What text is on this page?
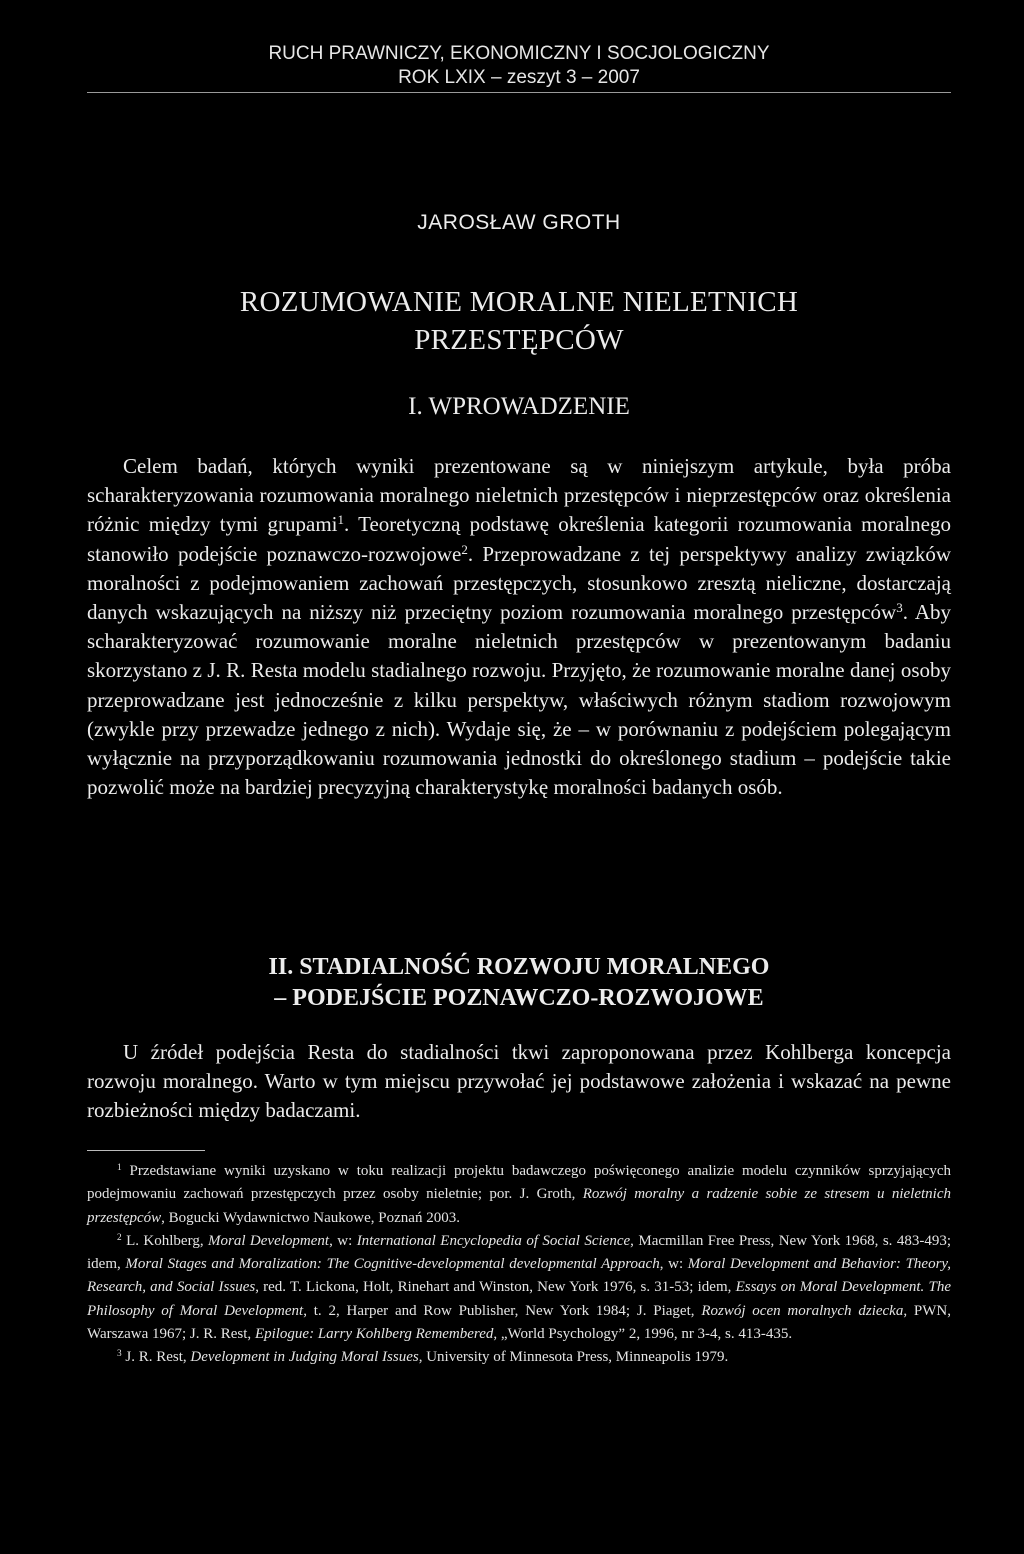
RUCH PRAWNICZY, EKONOMICZNY I SOCJOLOGICZNY
ROK LXIX – zeszyt 3 – 2007
JAROSŁAW GROTH
ROZUMOWANIE MORALNE NIELETNICH
PRZESTĘPCÓW
I. WPROWADZENIE

Celem badań, których wyniki prezentowane są w niniejszym artykule, była próba scharakteryzowania rozumowania moralnego nieletnich przestępców i nieprzestępców oraz określenia różnic między tymi grupami$^1$. Teoretyczną podstawę określenia kategorii rozumowania moralnego stanowiło podejście poznawczo-rozwojowe$^2$. Przeprowadzane z tej perspektywy analizy związków moralności z podejmowaniem zachowań przestępczych, stosunkowo zresztą nieliczne, dostarczają danych wskazujących na niższy niż przeciętny poziom rozumowania moralnego przestępców$^3$. Aby scharakteryzować rozumowanie moralne nieletnich przestępców w prezentowanym badaniu skorzystano z J. R. Resta modelu stadialnego rozwoju. Przyjęto, że rozumowanie moralne danej osoby przeprowadzane jest jednocześnie z kilku perspektyw, właściwych różnym stadiom rozwojowym (zwykle przy przewadze jednego z nich). Wydaje się, że – w porównaniu z podejściem polegającym wyłącznie na przyporządkowaniu rozumowania jednostki do określonego stadium – podejście takie pozwolić może na bardziej precyzyjną charakterystykę moralności badanych osób.

II. STADIALNOŚĆ ROZWOJU MORALNEGO
– PODEJŚCIE POZNAWCZO-ROZWOJOWE

U źródeł podejścia Resta do stadialności tkwi zaproponowana przez Kohlberga koncepcja rozwoju moralnego. Warto w tym miejscu przywołać jej podstawowe założenia i wskazać na pewne rozbieżności między badaczami.

$^1$ Przedstawiane wyniki uzyskano w toku realizacji projektu badawczego poświęconego analizie modelu czynników sprzyjających podejmowaniu zachowań przestępczych przez osoby nieletnie; por. J. Groth, Rozwój moralny a radzenie sobie ze stresem u nieletnich przestępców, Bogucki Wydawnictwo Naukowe, Poznań 2003.

$^2$ L. Kohlberg, Moral Development, w: International Encyclopedia of Social Science, Macmillan Free Press, New York 1968, s. 483-493; idem, Moral Stages and Moralization: The Cognitive-developmental developmental Approach, w: Moral Development and Behavior: Theory, Research, and Social Issues, red. T. Lickona, Holt, Rinehart and Winston, New York 1976, s. 31-53; idem, Essays on Moral Development. The Philosophy of Moral Development, t. 2, Harper and Row Publisher, New York 1984; J. Piaget, Rozwój ocen moralnych dziecka, PWN, Warszawa 1967; J. R. Rest, Epilogue: Larry Kohlberg Remembered, „World Psychology” 2, 1996, nr 3-4, s. 413-435.

$^3$ J. R. Rest, Development in Judging Moral Issues, University of Minnesota Press, Minneapolis 1979.
